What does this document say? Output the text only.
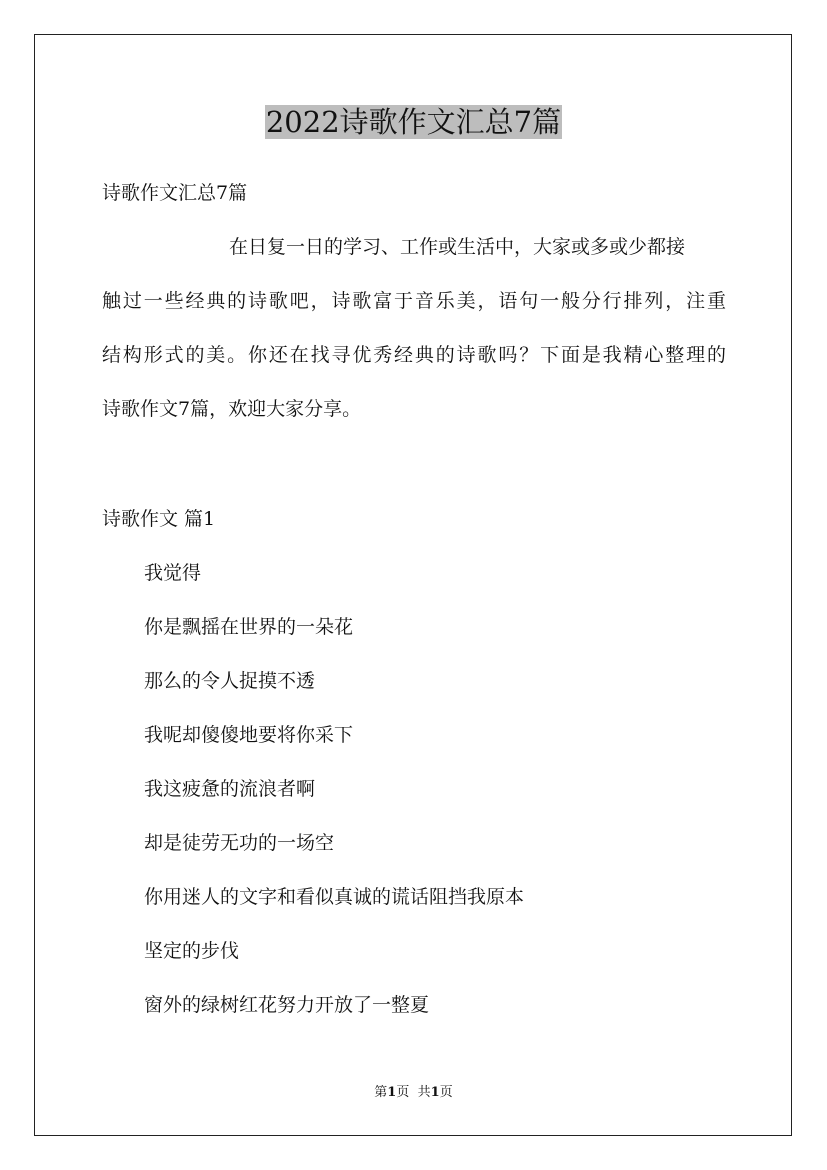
2022诗歌作文汇总7篇

诗歌作文汇总7篇

在日复一日的学习、工作或生活中，大家或多或少都接

触过一些经典的诗歌吧，诗歌富于音乐美，语句一般分行排列，注重

结构形式的美。你还在找寻优秀经典的诗歌吗？下面是我精心整理的

诗歌作文7篇，欢迎大家分享。

诗歌作文 篇1

我觉得

你是飘摇在世界的一朵花

那么的令人捉摸不透

我呢却傻傻地要将你采下

我这疲惫的流浪者啊

却是徒劳无功的一场空

你用迷人的文字和看似真诚的谎话阻挡我原本

坚定的步伐

窗外的绿树红花努力开放了一整夏

第1页 共1页
